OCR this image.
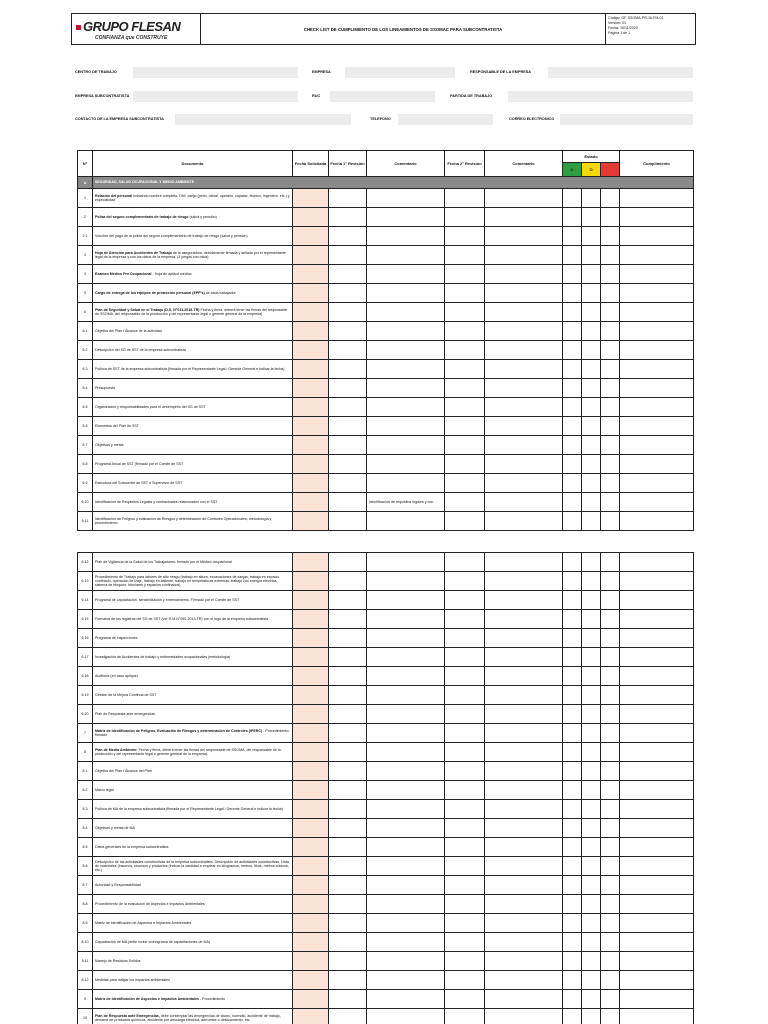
GRUPO FLESAN
CONFIANZA que CONSTRUYE
CHECK LIST DE CUMPLIMIENTO DE LOS LINEAMIENTOS DE SSOMAC PARA SUBCONTRATISTA
Código: GF-SSOMA-PR-16-FM-01
Versión: 01
Fecha: 16/11/2020
Página 1 de 1
CENTRO DE TRABAJO	EMPRESA	RESPONSABLE DE LA EMPRESA
EMPRESA SUBCONTRATISTA	RUC	PARTIDA DE TRABAJO
CONTACTO DE LA EMPRESA SUBCONTRATISTA	TELEFONO	CORREO ELECTRONICO
N°	Documento	Fecha Solicitada	Fecha 1° Revisión	Comentario	Fecha 2° Revisión	Comentario	Estado			Cumplimiento
							C	O		
A	SEGURIDAD, SALUD OCUPACIONAL Y MEDIO AMBIENTE									
1	Relación del personal indicando nombre completo, DNI, cargo (peón, oficial, operario, capataz, técnico, ingeniero, etc.) y especialidad									
2	Póliza del seguro complementario de trabajo de riesgo (salud y pensión)									
2.1	Voucher del pago de la póliza del seguro complementario de trabajo de riesgo (salud y pensión)									
3	Hoja de Atención para Accidentes de Trabajo de la aseguradora, debidamente firmada y sellada por el representante legal de la empresa y con los datos de la empresa. (3 juegos con mica)									
4	Examen Médico Pre Ocupacional - Hoja de aptitud médica									
5	Cargo de entrega de los equipos de protección personal (EPP's) de cada trabajador									
6	Plan de Seguridad y Salud en el Trabajo (D.S. N°011-2019-TR) Fecha y firma, deberá tener las firmas del responsable de SSOMA, del responsable de la producción y del representante legal o gerente general de la empresa)									
6.1	Objetivo del Plan / Alcance de la actividad									
6.2	Descripción del SG de SST de la empresa subcontratista									
6.3	Política de SST de la empresa subcontratista (firmada por el Representante Legal / Gerente General e indicar la fecha)									
6.4	Presupuesto									
6.5	Organización y responsabilidades para el desempeño del SG de SST									
6.6	Elementos del Plan de SST									
6.7	Objetivos y metas									
6.8	Programa Anual de SST (firmado por el Comité de SST									
6.9	Estructura del Subcomité de SST o Supervisor de SST									
6.10	Identificación de Requisitos Legales y contractuales relacionados con el SST			Identificación de requisitos legales y con						
6.11	Identificación de Peligros y evaluación de Riesgos y determinación de Controles Operacionales; metodología y procedimiento									
6.12	Plan de Vigilancia de la Salud de los Trabajadores: firmado por el Médico ocupacional									
6.13	Procedimiento de Trabajo para labores de alto riesgo (trabajo en altura, excavaciones de zanjas, trabajo en espacio confinado, operación de izaje, trabajo en caliente, trabajo en temperaturas extremas, trabajo con energía eléctrica, sistema de bloqueo, tubulares y espacios confinados)									
6.14	Programa de capacitación, sensibilización y entrenamiento. Firmado por el Comité de SST									
6.15	Formatos de los registros del SG de SST (ver R.M N°050-2013-TR) con el logo de la empresa subcontratista									
6.16	Programa de inspecciones									
6.17	Investigación de Accidentes de trabajo y enfermedades ocupacionales (metodología)									
6.18	Auditoría (en caso aplique)									
6.19	Gestión de la Mejora Continua de SST									
6.20	Plan de Respuesta ante emergencias									
7	Matriz de Identificación de Peligros, Evaluación de Riesgos y determinación de Controles (IPERC) - Procedimiento: firmado									
8	Plan de Medio Ambiente: Fecha y firma, deberá tener las firmas del responsable de SSOMA, del responsable de la producción y del representante legal o gerente general de la empresa).									
8.1	Objetivo del Plan / Alcance del Plan									
8.2	Marco legal									
8.3	Política de MA de la empresa subcontratista (firmada por el Representante Legal / Gerente General e indicar la fecha)									
8.4	Objetivos y metas de MA									
8.5	Datos generales de la empresa subcontratista									
8.6	Descripción de las actividades constructivas de la empresa subcontratista. Descripción de actividades constructivas, Lista de materiales (insumos, recursos y productos (indicar la cantidad a emplear en kilogramos, metros, litros, metros cúbicos, etc.)									
8.7	Autoridad y Responsabilidad									
8.8	Procedimiento de la evaluación de Aspectos e Impactos Ambientales									
8.9	Matriz de identificación de Aspectos e Impactos Ambientales									
8.10	Capacitación de MA (debe incluir cronograma de capacitaciones de MA)									
8.11	Manejo de Residuos Sólidos									
8.12	Medidas para mitigar los impactos ambientales									
9	Matriz de Identificación de Aspectos e Impactos Ambientales - Procedimiento									
10	Plan de Respuesta ante Emergencias, debe contemplar las emergencias de sismo, incendio, accidente de trabajo, derrame de productos químicos, accidente por descarga eléctrica, derrumbe o deslizamiento, etc.									
